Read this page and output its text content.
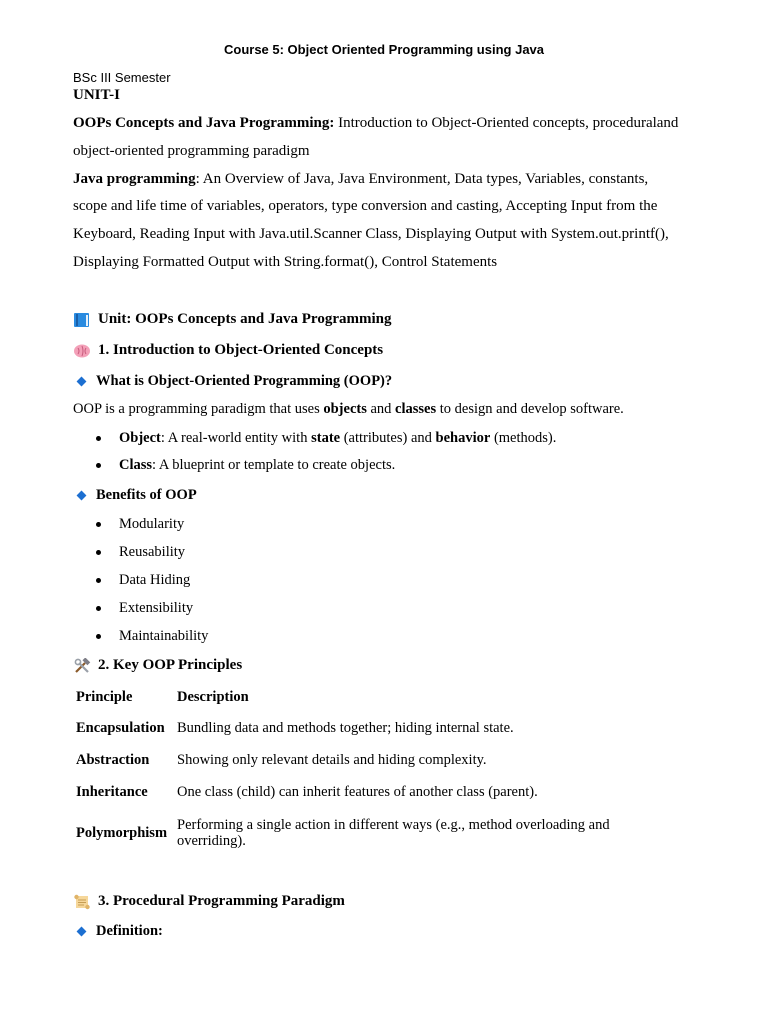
Course 5: Object Oriented Programming using Java
BSc III Semester
UNIT-I
OOPs Concepts and Java Programming: Introduction to Object-Oriented concepts, proceduraland
object-oriented programming paradigm
Java programming: An Overview of Java, Java Environment, Data types, Variables, constants,
scope and life time of variables, operators, type conversion and casting, Accepting Input from the
Keyboard, Reading Input with Java.util.Scanner Class, Displaying Output with System.out.printf(),
Displaying Formatted Output with String.format(), Control Statements
Unit: OOPs Concepts and Java Programming
1. Introduction to Object-Oriented Concepts
What is Object-Oriented Programming (OOP)?
OOP is a programming paradigm that uses objects and classes to design and develop software.
Object: A real-world entity with state (attributes) and behavior (methods).
Class: A blueprint or template to create objects.
Benefits of OOP
Modularity
Reusability
Data Hiding
Extensibility
Maintainability
2. Key OOP Principles
Principle	Description
Encapsulation	Bundling data and methods together; hiding internal state.
Abstraction	Showing only relevant details and hiding complexity.
Inheritance	One class (child) can inherit features of another class (parent).
Polymorphism	Performing a single action in different ways (e.g., method overloading and overriding).
3. Procedural Programming Paradigm
Definition:
